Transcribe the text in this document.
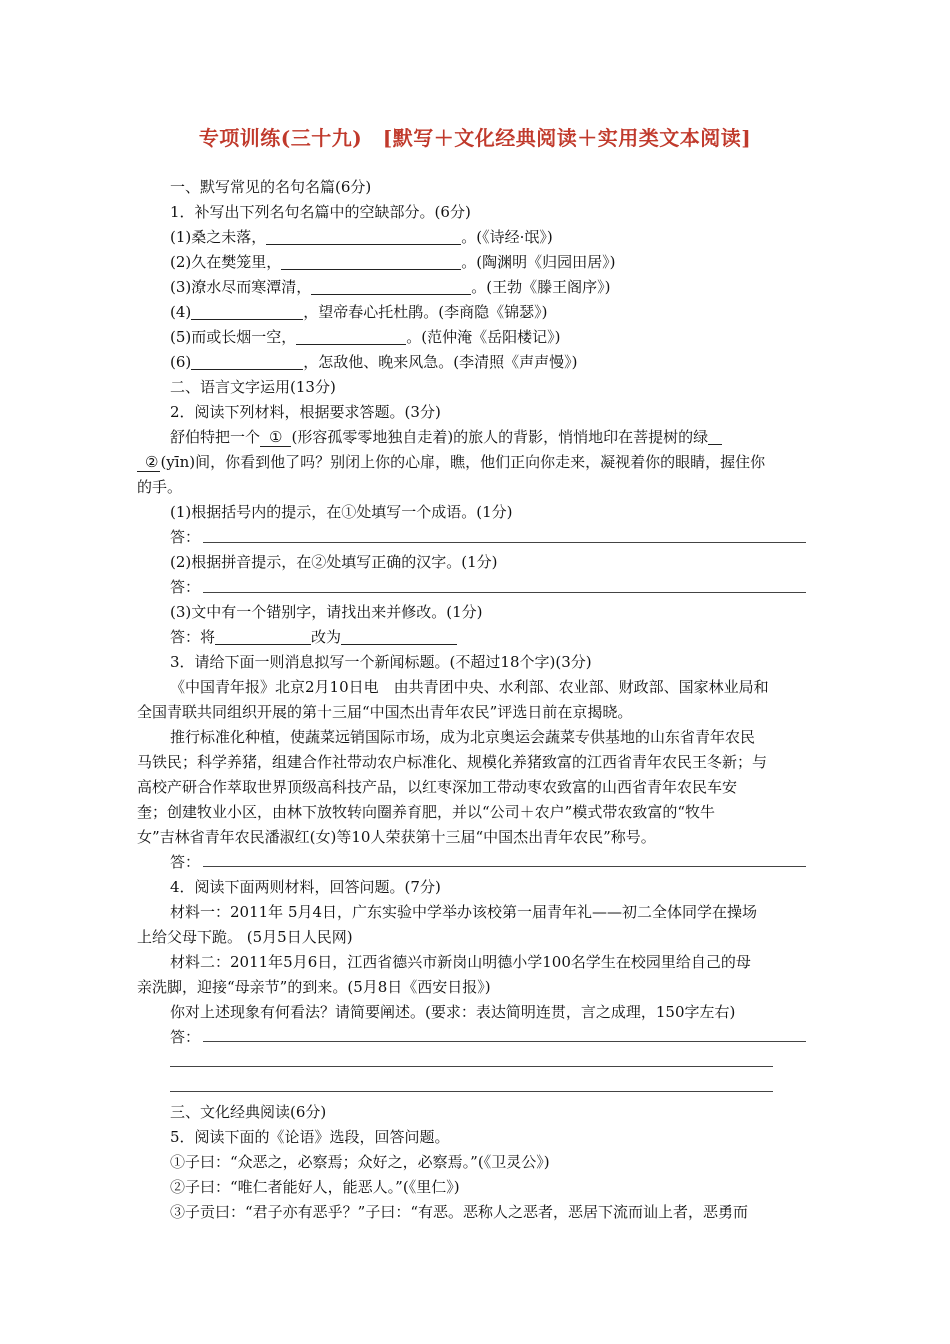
专项训练(三十九)　[默写＋文化经典阅读＋实用类文本阅读]
一、默写常见的名句名篇(6分)
1．补写出下列名句名篇中的空缺部分。(6分)
(1)桑之未落，	。(《诗经·氓》)
(2)久在樊笼里，	。(陶渊明《归园田居》)
(3)潦水尽而寒潭清，	。(王勃《滕王阁序》)
(4)	，望帝春心托杜鹃。(李商隐《锦瑟》)
(5)而或长烟一空，	。(范仲淹《岳阳楼记》)
(6)	，怎敌他、晚来风急。(李清照《声声慢》)
二、语言文字运用(13分)
2．阅读下列材料，根据要求答题。(3分)
舒伯特把一个 ① (形容孤零零地独自走着)的旅人的背影，悄悄地印在菩提树的绿
② (yīn)间，你看到他了吗？别闭上你的心扉，瞧，他们正向你走来，凝视着你的眼睛，握住你
的手。
(1)根据括号内的提示，在①处填写一个成语。(1分)
答：
(2)根据拼音提示，在②处填写正确的汉字。(1分)
答：
(3)文中有一个错别字，请找出来并修改。(1分)
答：将	改为
3．请给下面一则消息拟写一个新闻标题。(不超过18个字)(3分)
《中国青年报》北京2月10日电　由共青团中央、水利部、农业部、财政部、国家林业局和
全国青联共同组织开展的第十三届“中国杰出青年农民”评选日前在京揭晓。
推行标准化种植，使蔬菜远销国际市场，成为北京奥运会蔬菜专供基地的山东省青年农民
马铁民；科学养猪，组建合作社带动农户标准化、规模化养猪致富的江西省青年农民王冬新；与
高校产研合作萃取世界顶级高科技产品，以红枣深加工带动枣农致富的山西省青年农民车安
奎；创建牧业小区，由林下放牧转向圈养育肥，并以“公司＋农户”模式带农致富的“牧牛
女”吉林省青年农民潘淑红(女)等10人荣获第十三届“中国杰出青年农民”称号。
答：
4．阅读下面两则材料，回答问题。(7分)
材料一：2011年 5月4日，广东实验中学举办该校第一届青年礼——初二全体同学在操场
上给父母下跪。 (5月5日人民网)
材料二：2011年5月6日，江西省德兴市新岗山明德小学100名学生在校园里给自己的母
亲洗脚，迎接“母亲节”的到来。(5月8日《西安日报》)
你对上述现象有何看法？请简要阐述。(要求：表达简明连贯，言之成理，150字左右)
答：
三、文化经典阅读(6分)
5．阅读下面的《论语》选段，回答问题。
①子曰：“众恶之，必察焉；众好之，必察焉。”(《卫灵公》)
②子曰：“唯仁者能好人，能恶人。”(《里仁》)
③子贡曰：“君子亦有恶乎？”子曰：“有恶。恶称人之恶者，恶居下流而讪上者，恶勇而
